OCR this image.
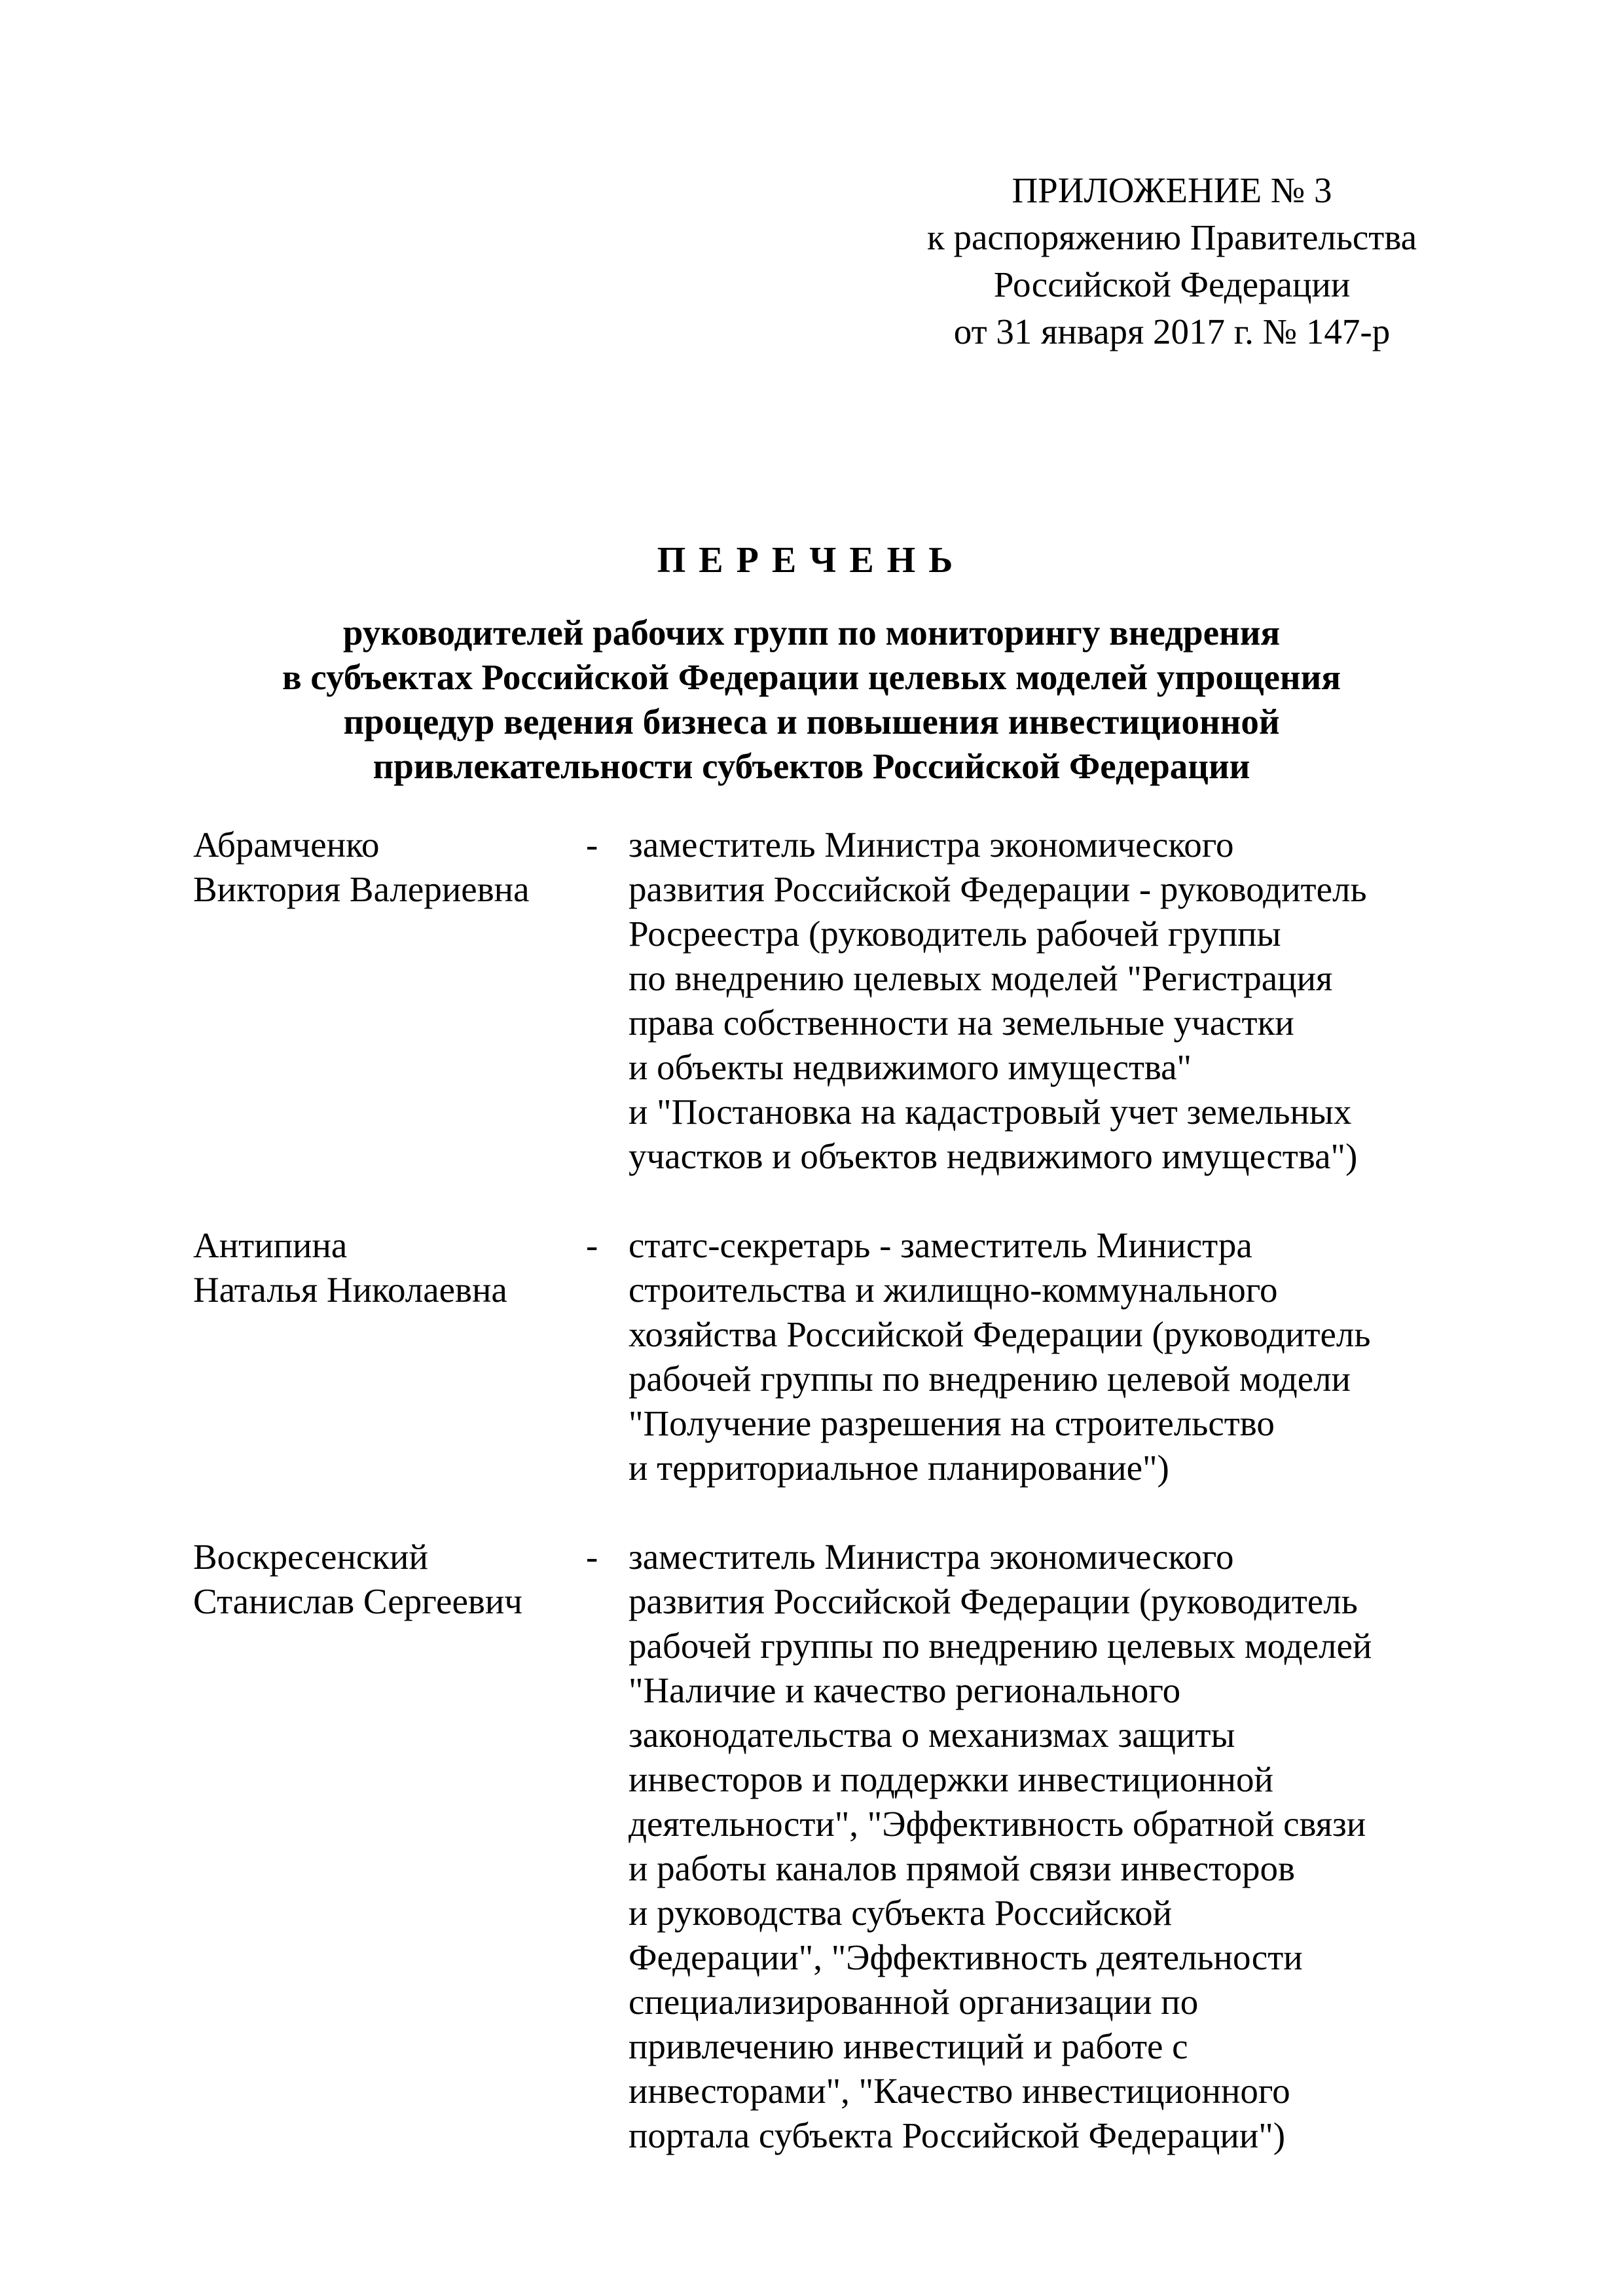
ПРИЛОЖЕНИЕ № 3
к распоряжению Правительства
Российской Федерации
от 31 января 2017 г. № 147-р
ПЕРЕЧЕНЬ
руководителей рабочих групп по мониторингу внедрения
в субъектах Российской Федерации целевых моделей упрощения
процедур ведения бизнеса и повышения инвестиционной
привлекательности субъектов Российской Федерации
Абрамченко
Виктория Валериевна
- заместитель Министра экономического
развития Российской Федерации - руководитель
Росреестра (руководитель рабочей группы
по внедрению целевых моделей "Регистрация
права собственности на земельные участки
и объекты недвижимого имущества"
и "Постановка на кадастровый учет земельных
участков и объектов недвижимого имущества")
Антипина
Наталья Николаевна
- статс-секретарь - заместитель Министра
строительства и жилищно-коммунального
хозяйства Российской Федерации (руководитель
рабочей группы по внедрению целевой модели
"Получение разрешения на строительство
и территориальное планирование")
Воскресенский
Станислав Сергеевич
- заместитель Министра экономического
развития Российской Федерации (руководитель
рабочей группы по внедрению целевых моделей
"Наличие и качество регионального
законодательства о механизмах защиты
инвесторов и поддержки инвестиционной
деятельности", "Эффективность обратной связи
и работы каналов прямой связи инвесторов
и руководства субъекта Российской
Федерации", "Эффективность деятельности
специализированной организации по
привлечению инвестиций и работе с
инвесторами", "Качество инвестиционного
портала субъекта Российской Федерации")
